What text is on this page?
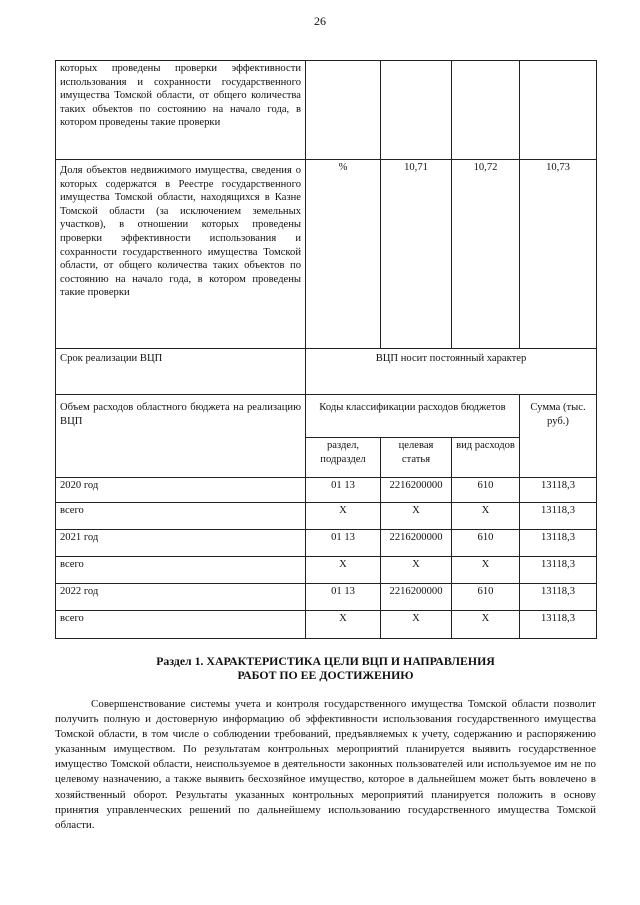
26
которых проведены проверки эффективности использования и сохранности государственного имущества Томской области, от общего количества таких объектов по состоянию на начало года, в котором проведены такие проверки				
Доля объектов недвижимого имущества, сведения о которых содержатся в Реестре государственного имущества Томской области, находящихся в Казне Томской области (за исключением земельных участков), в отношении которых проведены проверки эффективности использования и сохранности государственного имущества Томской области, от общего количества таких объектов по состоянию на начало года, в котором проведены такие проверки	%	10,71	10,72	10,73
Срок реализации ВЦП	ВЦП носит постоянный характер			
Объем расходов областного бюджета на реализацию ВЦП	Коды классификации расходов бюджетов			Сумма (тыс. руб.)
	раздел, подраздел	целевая статья	вид расходов	
2020 год	01 13	2216200000	610	13118,3
всего	X	X	X	13118,3
2021 год	01 13	2216200000	610	13118,3
всего	X	X	X	13118,3
2022 год	01 13	2216200000	610	13118,3
всего	X	X	X	13118,3
Раздел 1. ХАРАКТЕРИСТИКА ЦЕЛИ ВЦП И НАПРАВЛЕНИЯ
РАБОТ ПО ЕЕ ДОСТИЖЕНИЮ

Совершенствование системы учета и контроля государственного имущества Томской области позволит получить полную и достоверную информацию об эффективности использования государственного имущества Томской области, в том числе о соблюдении требований, предъявляемых к учету, содержанию и распоряжению указанным имуществом. По результатам контрольных мероприятий планируется выявить государственное имущество Томской области, неиспользуемое в деятельности законных пользователей или используемое им не по целевому назначению, а также выявить бесхозяйное имущество, которое в дальнейшем может быть вовлечено в хозяйственный оборот. Результаты указанных контрольных мероприятий планируется положить в основу принятия управленческих решений по дальнейшему использованию государственного имущества Томской области.
